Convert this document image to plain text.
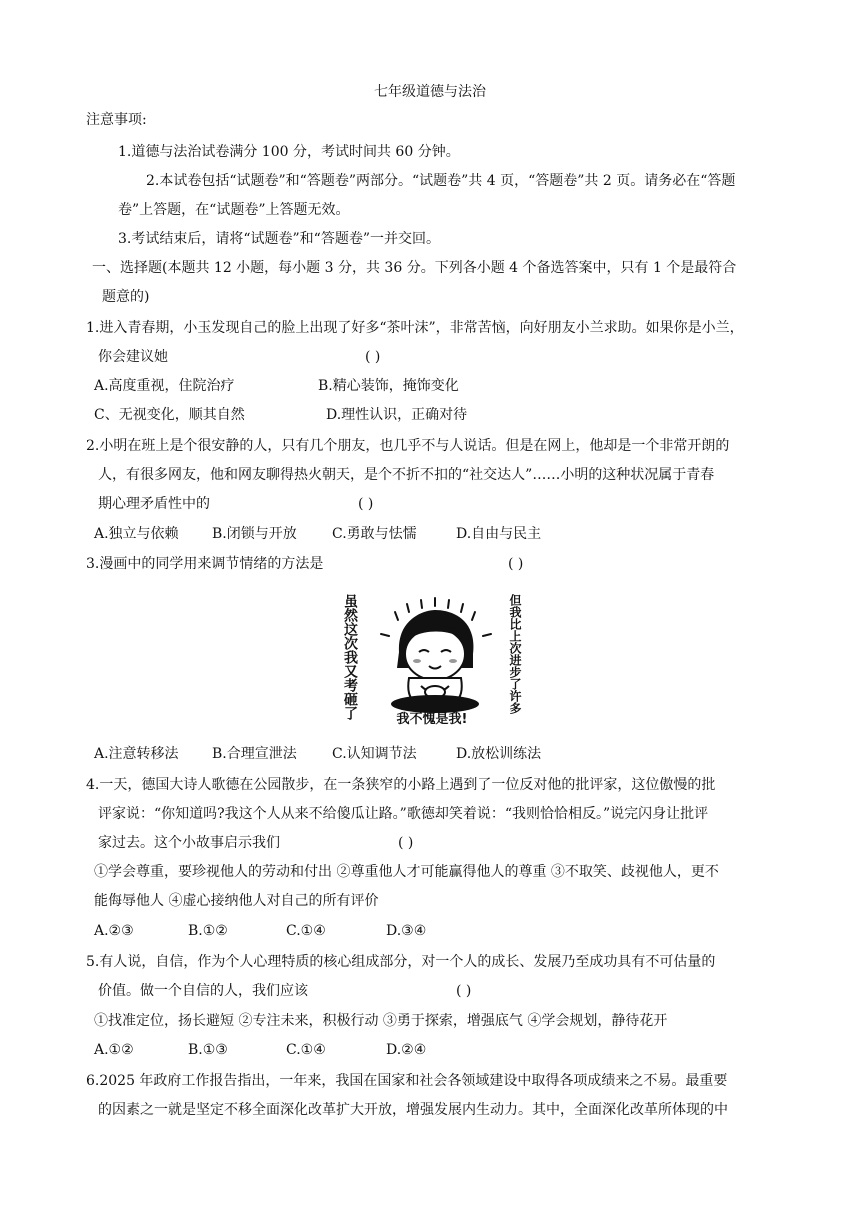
七年级道德与法治
注意事项:
1.道德与法治试卷满分 100 分，考试时间共 60 分钟。
2.本试卷包括“试题卷”和“答题卷”两部分。“试题卷”共 4 页，“答题卷”共 2 页。请务必在“答题
卷”上答题，在“试题卷”上答题无效。
3.考试结束后，请将“试题卷”和“答题卷”一并交回。
一、选择题(本题共 12 小题，每小题 3 分，共 36 分。下列各小题 4 个备选答案中，只有 1 个是最符合
题意的)
1.进入青春期，小玉发现自己的脸上出现了好多“茶叶沫”，非常苦恼，向好朋友小兰求助。如果你是小兰，
你会建议她	( )
A.高度重视，住院治疗	B.精心装饰，掩饰变化
C、无视变化，顺其自然	D.理性认识，正确对待
2.小明在班上是个很安静的人，只有几个朋友，也几乎不与人说话。但是在网上，他却是一个非常开朗的
人，有很多网友，他和网友聊得热火朝天，是个不折不扣的“社交达人”……小明的这种状况属于青春
期心理矛盾性中的	( )
A.独立与依赖 B.闭锁与开放	C.勇敢与怯懦	D.自由与民主
3.漫画中的同学用来调节情绪的方法是	( )
虽然这次我又考砸了	但我比上次进步了许多
我不愧是我!
A.注意转移法 B.合理宣泄法	C.认知调节法	D.放松训练法
4.一天，德国大诗人歌德在公园散步，在一条狭窄的小路上遇到了一位反对他的批评家，这位傲慢的批
评家说：“你知道吗?我这个人从来不给傻瓜让路。”歌德却笑着说：“我则恰恰相反。”说完闪身让批评
家过去。这个小故事启示我们	( )
①学会尊重，要珍视他人的劳动和付出 ②尊重他人才可能赢得他人的尊重 ③不取笑、歧视他人，更不
能侮辱他人 ④虚心接纳他人对自己的所有评价
A.②③	B.①②	C.①④	D.③④
5.有人说，自信，作为个人心理特质的核心组成部分，对一个人的成长、发展乃至成功具有不可估量的
价值。做一个自信的人，我们应该	( )
①找准定位，扬长避短 ②专注未来，积极行动 ③勇于探索，增强底气 ④学会规划，静待花开
A.①②	B.①③	C.①④	D.②④
6.2025 年政府工作报告指出，一年来，我国在国家和社会各领域建设中取得各项成绩来之不易。最重要
的因素之一就是坚定不移全面深化改革扩大开放，增强发展内生动力。其中，全面深化改革所体现的中
